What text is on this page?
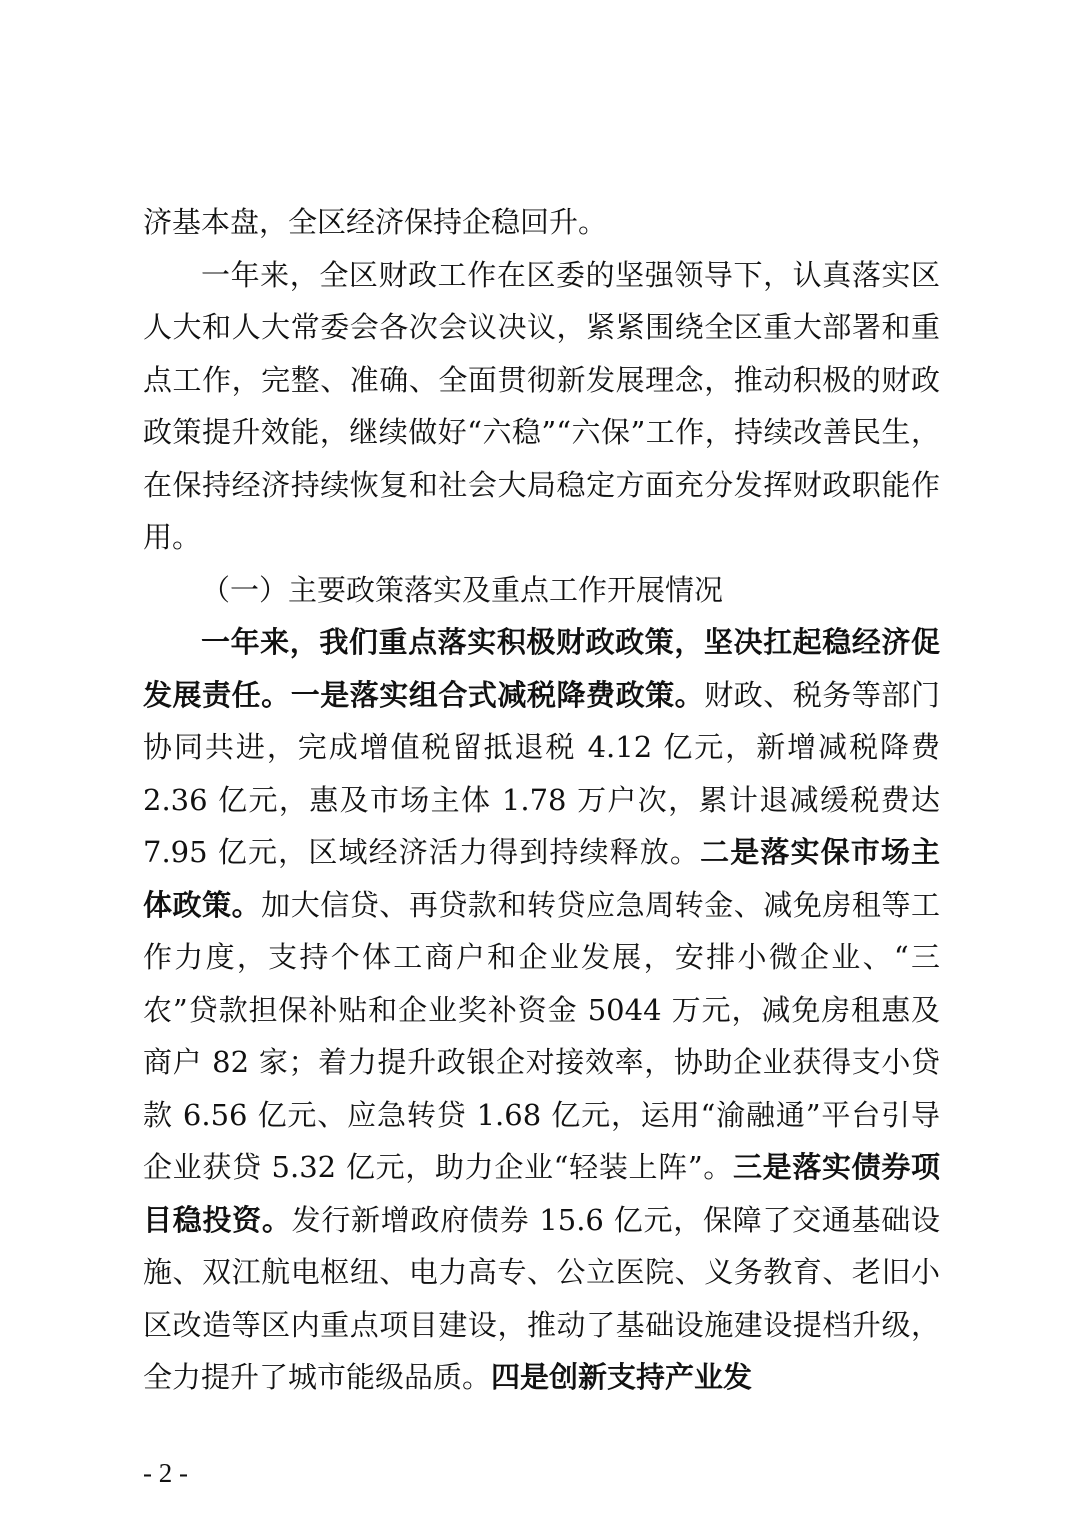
济基本盘，全区经济保持企稳回升。

一年来，全区财政工作在区委的坚强领导下，认真落实区人大和人大常委会各次会议决议，紧紧围绕全区重大部署和重点工作，完整、准确、全面贯彻新发展理念，推动积极的财政政策提升效能，继续做好“六稳”“六保”工作，持续改善民生，在保持经济持续恢复和社会大局稳定方面充分发挥财政职能作用。

（一）主要政策落实及重点工作开展情况

一年来，我们重点落实积极财政政策，坚决扛起稳经济促发展责任。一是落实组合式减税降费政策。财政、税务等部门协同共进，完成增值税留抵退税 4.12 亿元，新增减税降费 2.36 亿元，惠及市场主体 1.78 万户次，累计退减缓税费达 7.95 亿元，区域经济活力得到持续释放。二是落实保市场主体政策。加大信贷、再贷款和转贷应急周转金、减免房租等工作力度，支持个体工商户和企业发展，安排小微企业、“三农”贷款担保补贴和企业奖补资金 5044 万元，减免房租惠及商户 82 家；着力提升政银企对接效率，协助企业获得支小贷款 6.56 亿元、应急转贷 1.68 亿元，运用“渝融通”平台引导企业获贷 5.32 亿元，助力企业“轻装上阵”。三是落实债券项目稳投资。发行新增政府债券 15.6 亿元，保障了交通基础设施、双江航电枢纽、电力高专、公立医院、义务教育、老旧小区改造等区内重点项目建设，推动了基础设施建设提档升级，全力提升了城市能级品质。四是创新支持产业发

- 2 -
